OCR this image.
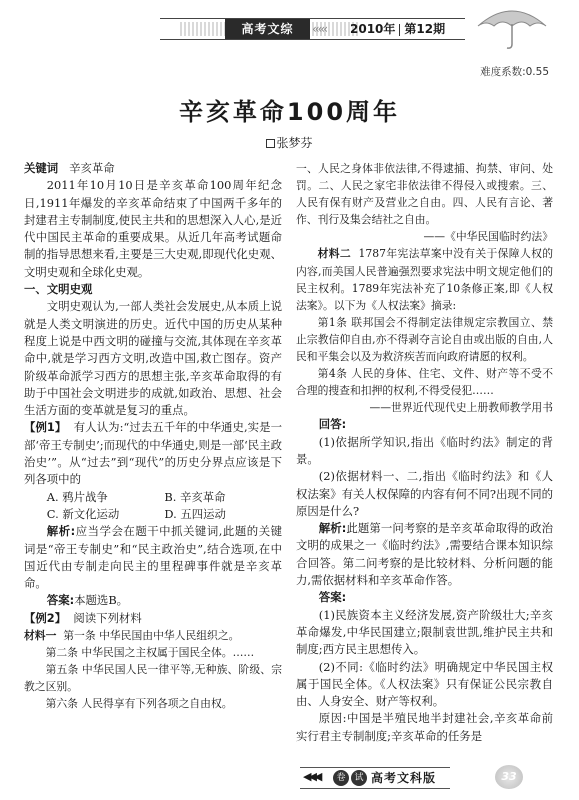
高考文综	‹‹‹‹‹ 2010年 第12期
难度系数:0.55
辛亥革命100周年
张梦芬

关键词 辛亥革命

2011年10月10日是辛亥革命100周年纪念日,1911年爆发的辛亥革命结束了中国两千多年的封建君主专制制度,使民主共和的思想深入人心,是近代中国民主革命的重要成果。从近几年高考试题命制的指导思想来看,主要是三大史观,即现代化史观、文明史观和全球化史观。

一、文明史观

文明史观认为,一部人类社会发展史,从本质上说就是人类文明演进的历史。近代中国的历史从某种程度上说是中西文明的碰撞与交流,其体现在辛亥革命中,就是学习西方文明,改造中国,救亡图存。资产阶级革命派学习西方的思想主张,辛亥革命取得的有助于中国社会文明进步的成就,如政治、思想、社会生活方面的变革就是复习的重点。

【例1】 有人认为:“过去五千年的中华通史,实是一部‘帝王专制史’;而现代的中华通史,则是一部‘民主政治史’”。从“过去”到“现代”的历史分界点应该是下列各项中的

A. 鸦片战争	B. 辛亥革命
C. 新文化运动	D. 五四运动

解析:应当学会在题干中抓关键词,此题的关键词是“帝王专制史”和“民主政治史”,结合选项,在中国近代由专制走向民主的里程碑事件就是辛亥革命。

答案:本题选B。

【例2】 阅读下列材料

材料一 第一条 中华民国由中华人民组织之。

第二条 中华民国之主权属于国民全体。……

第五条 中华民国人民一律平等,无种族、阶级、宗教之区别。

第六条 人民得享有下列各项之自由权。

一、人民之身体非依法律,不得逮捕、拘禁、审问、处罚。二、人民之家宅非依法律不得侵入或搜索。三、人民有保有财产及营业之自由。四、人民有言论、著作、刊行及集会结社之自由。

——《中华民国临时约法》

材料二 1787年宪法草案中没有关于保障人权的内容,而美国人民普遍强烈要求宪法中明文规定他们的民主权利。1789年宪法补充了10条修正案,即《人权法案》。以下为《人权法案》摘录:

第1条 联邦国会不得制定法律规定宗教国立、禁止宗教信仰自由,亦不得剥夺言论自由或出版的自由,人民和平集会以及为救济疾苦而向政府请愿的权利。

第4条 人民的身体、住宅、文件、财产等不受不合理的搜查和扣押的权利,不得受侵犯……

——世界近代现代史上册教师教学用书

回答:

(1)依据所学知识,指出《临时约法》制定的背景。

(2)依据材料一、二,指出《临时约法》和《人权法案》有关人权保障的内容有何不同?出现不同的原因是什么?

解析:此题第一问考察的是辛亥革命取得的政治文明的成果之一《临时约法》,需要结合课本知识综合回答。第二问考察的是比较材料、分析问题的能力,需依据材料和辛亥革命作答。

答案:

(1)民族资本主义经济发展,资产阶级壮大;辛亥革命爆发,中华民国建立;限制袁世凯,维护民主共和制度;西方民主思想传入。

(2)不同:《临时约法》明确规定中华民国主权属于国民全体。《人权法案》只有保证公民宗教自由、人身安全、财产等权利。

原因:中国是半殖民地半封建社会,辛亥革命前实行君主专制制度;辛亥革命的任务是

◀◀◀	卷 试 高考文科版	33
